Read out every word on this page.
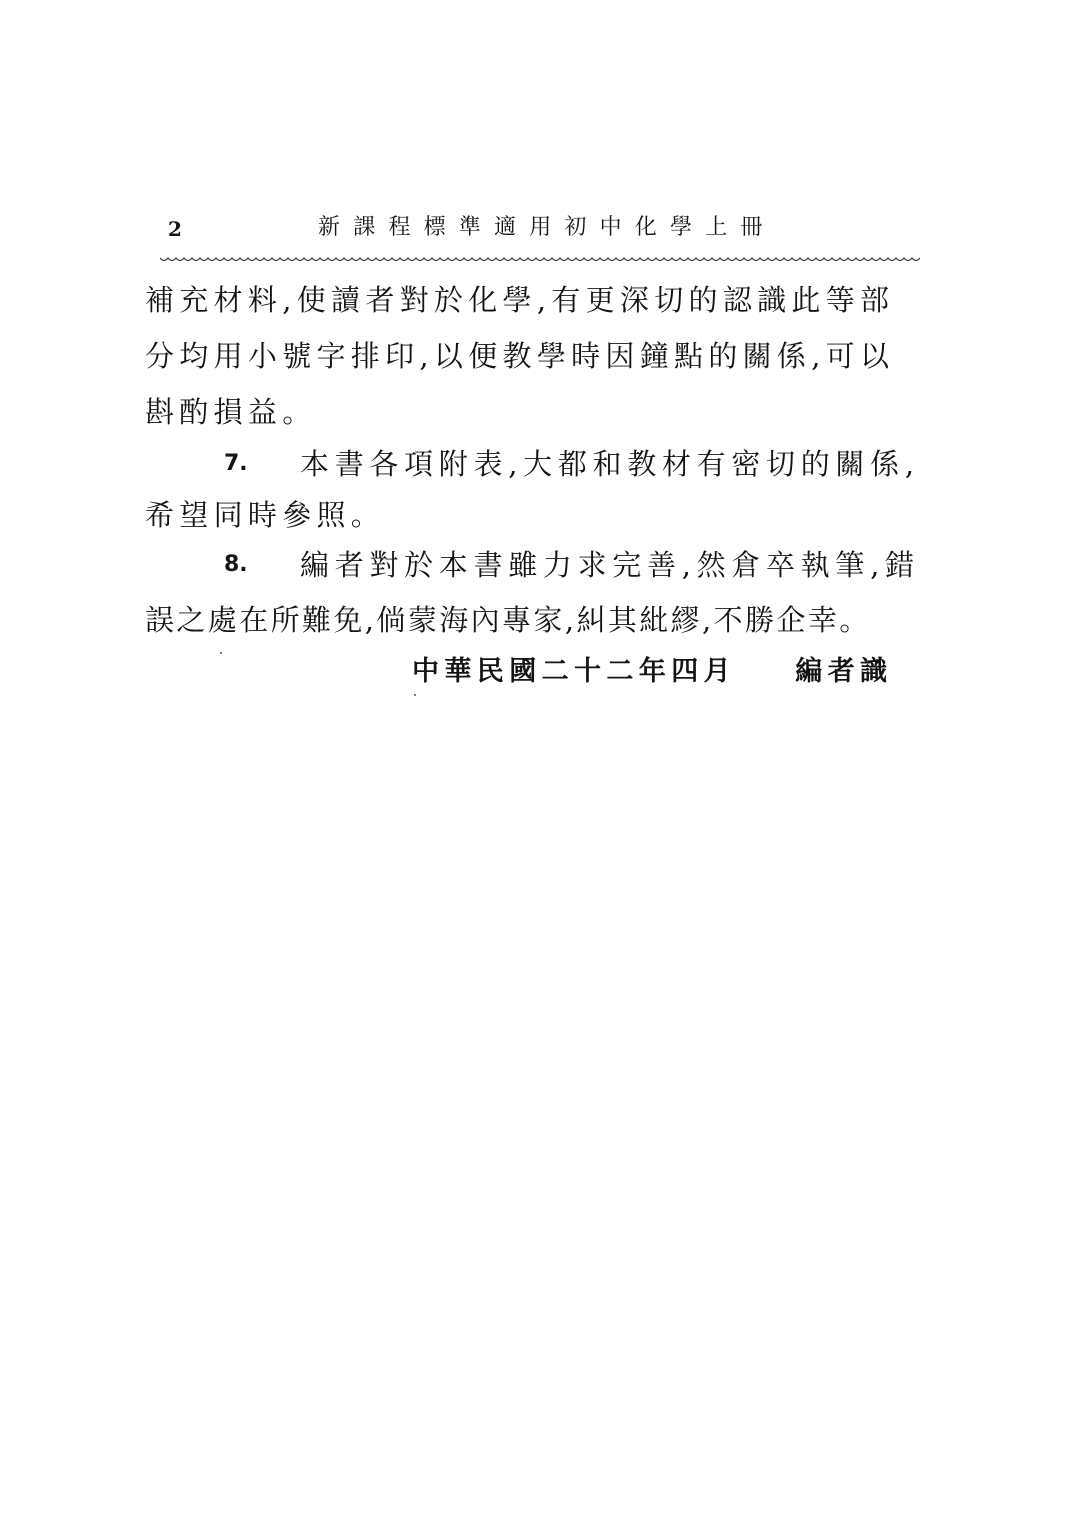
2	新課程標準適用初中化學上冊
補充材料,使讀者對於化學,有更深切的認識此等部
分均用小號字排印,以便教學時因鐘點的關係,可以
斟酌損益。
7. 本書各項附表,大都和教材有密切的關係,
希望同時參照。
8. 編者對於本書雖力求完善,然倉卒執筆,錯
誤之處在所難免,倘蒙海內專家,糾其紕繆,不勝企幸。
中華民國二十二年四月 編者識
